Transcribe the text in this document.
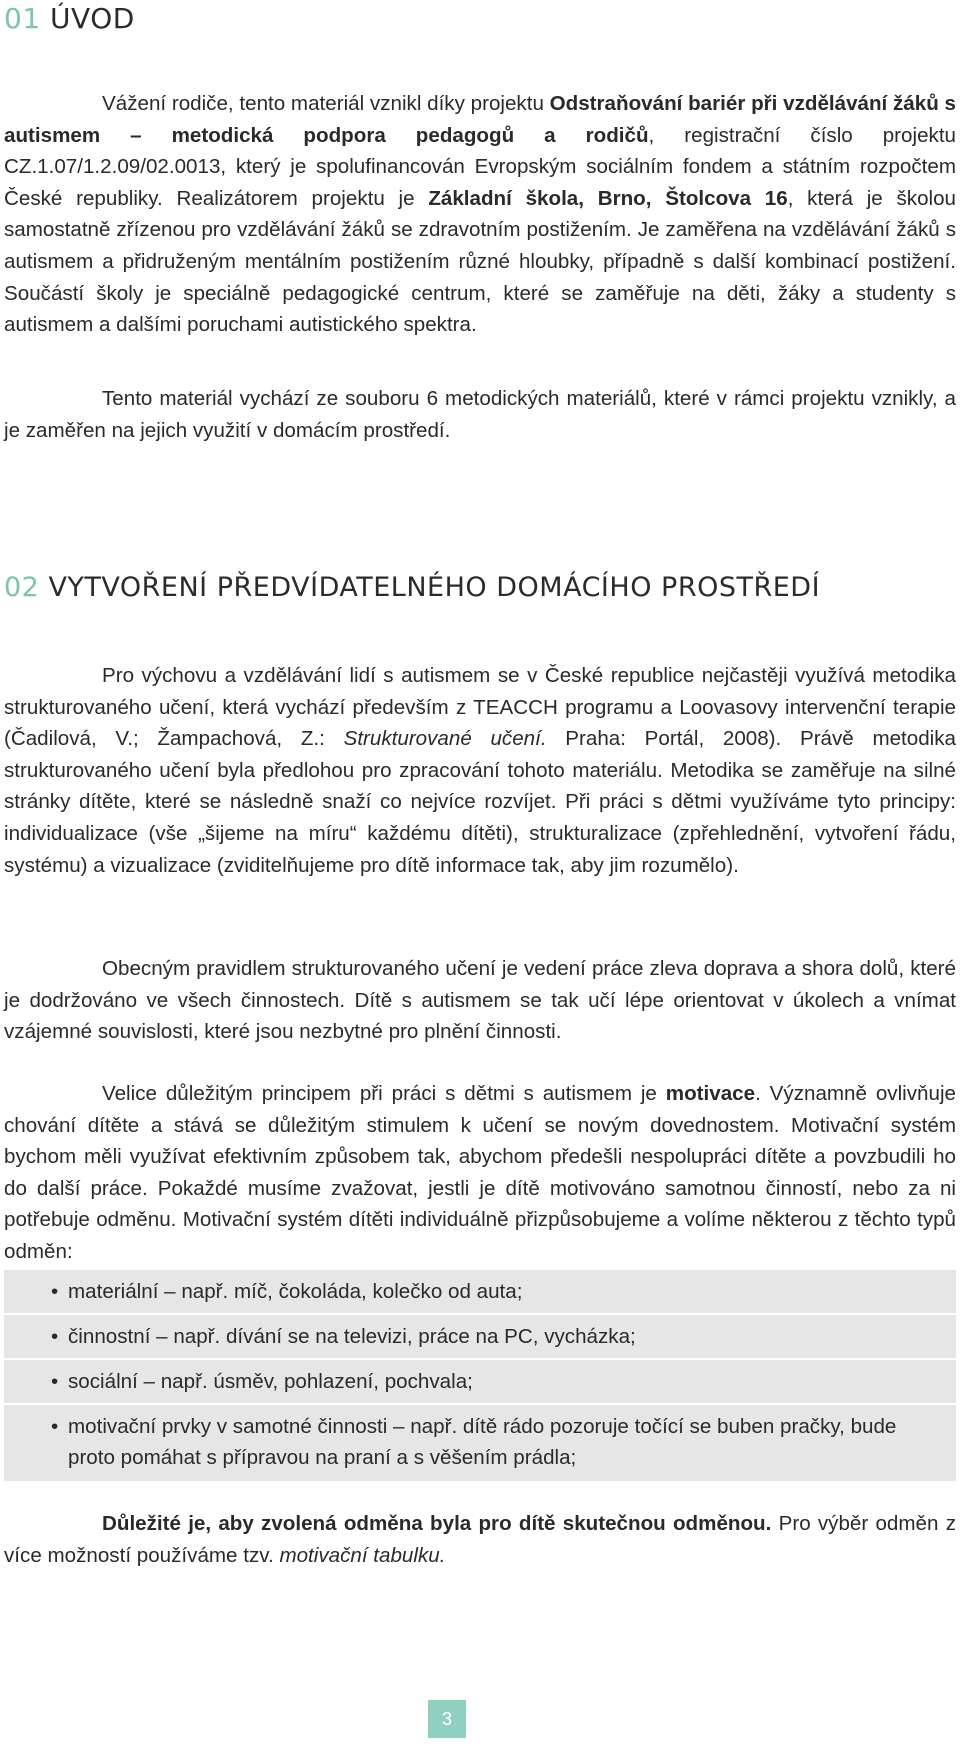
01 ÚVOD

Vážení rodiče, tento materiál vznikl díky projektu Odstraňování bariér při vzdělávání žáků s autismem – metodická podpora pedagogů a rodičů, registrační číslo projektu CZ.1.07/1.2.09/02.0013, který je spolufinancován Evropským sociálním fondem a státním rozpočtem České republiky. Realizátorem projektu je Základní škola, Brno, Štolcova 16, která je školou samostatně zřízenou pro vzdělávání žáků se zdravotním postižením. Je zaměřena na vzdělávání žáků s autismem a přidruženým mentálním postižením různé hloubky, případně s další kombinací postižení. Součástí školy je speciálně pedagogické centrum, které se zaměřuje na děti, žáky a studenty s autismem a dalšími poruchami autistického spektra.

Tento materiál vychází ze souboru 6 metodických materiálů, které v rámci projektu vznikly, a je zaměřen na jejich využití v domácím prostředí.

02 VYTVOŘENÍ PŘEDVÍDATELNÉHO DOMÁCÍHO PROSTŘEDÍ

Pro výchovu a vzdělávání lidí s autismem se v České republice nejčastěji využívá metodika strukturovaného učení, která vychází především z TEACCH programu a Loovasovy intervenční terapie (Čadilová, V.; Žampachová, Z.: Strukturované učení. Praha: Portál, 2008). Právě metodika strukturovaného učení byla předlohou pro zpracování tohoto materiálu. Metodika se zaměřuje na silné stránky dítěte, které se následně snaží co nejvíce rozvíjet. Při práci s dětmi využíváme tyto principy: individualizace (vše „šijeme na míru“ každému dítěti), strukturalizace (zpřehlednění, vytvoření řádu, systému) a vizualizace (zviditelňujeme pro dítě informace tak, aby jim rozumělo).

Obecným pravidlem strukturovaného učení je vedení práce zleva doprava a shora dolů, které je dodržováno ve všech činnostech. Dítě s autismem se tak učí lépe orientovat v úkolech a vnímat vzájemné souvislosti, které jsou nezbytné pro plnění činnosti.

Velice důležitým principem při práci s dětmi s autismem je motivace. Významně ovlivňuje chování dítěte a stává se důležitým stimulem k učení se novým dovednostem. Motivační systém bychom měli využívat efektivním způsobem tak, abychom předešli nespolupráci dítěte a povzbudili ho do další práce. Pokaždé musíme zvažovat, jestli je dítě motivováno samotnou činností, nebo za ni potřebuje odměnu. Motivační systém dítěti individuálně přizpůsobujeme a volíme některou z těchto typů odměn:

• materiální – např. míč, čokoláda, kolečko od auta;
• činnostní – např. dívání se na televizi, práce na PC, vycházka;
• sociální – např. úsměv, pohlazení, pochvala;
• motivační prvky v samotné činnosti – např. dítě rádo pozoruje točící se buben pračky, bude proto pomáhat s přípravou na praní a s věšením prádla;

Důležité je, aby zvolená odměna byla pro dítě skutečnou odměnou. Pro výběr odměn z více možností používáme tzv. motivační tabulku.

3
